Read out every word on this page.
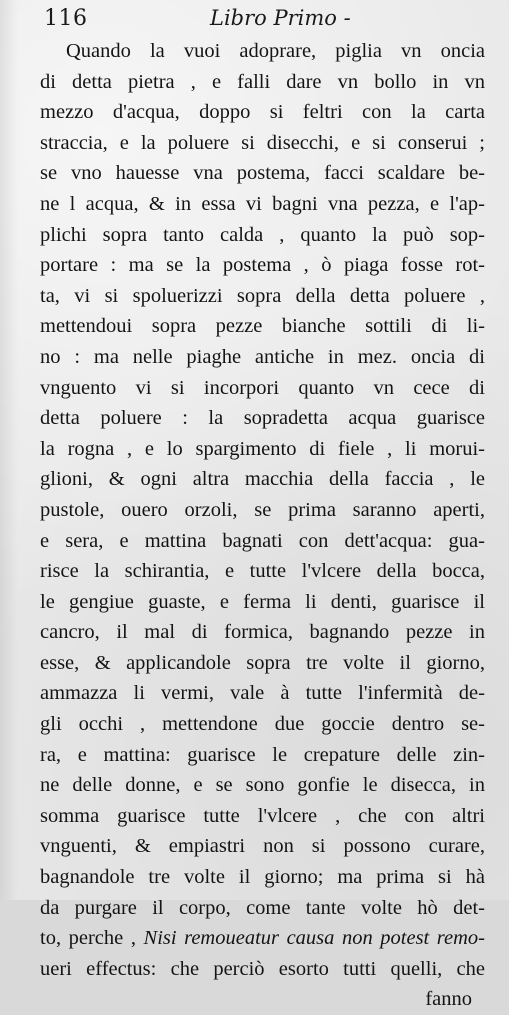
116	Libro Primo -
Quando la vuoi adoprare, piglia vn oncia
di detta pietra , e falli dare vn bollo in vn
mezzo d'acqua, doppo si feltri con la carta
straccia, e la poluere si disecchi, e si conserui ;
se vno hauesse vna postema, facci scaldare be-
ne l acqua, & in essa vi bagni vna pezza, e l'ap-
plichi sopra tanto calda , quanto la può sop-
portare : ma se la postema , ò piaga fosse rot-
ta, vi si spoluerizzi sopra della detta poluere ,
mettendoui sopra pezze bianche sottili di li-
no : ma nelle piaghe antiche in mez. oncia di
vnguento vi si incorpori quanto vn cece di
detta poluere : la sopradetta acqua guarisce
la rogna , e lo spargimento di fiele , li morui-
glioni, & ogni altra macchia della faccia , le
pustole, ouero orzoli, se prima saranno aperti,
e sera, e mattina bagnati con dett'acqua: gua-
risce la schirantia, e tutte l'vlcere della bocca,
le gengiue guaste, e ferma li denti, guarisce il
cancro, il mal di formica, bagnando pezze in
esse, & applicandole sopra tre volte il giorno,
ammazza li vermi, vale à tutte l'infermità de-
gli occhi , mettendone due goccie dentro se-
ra, e mattina: guarisce le crepature delle zin-
ne delle donne, e se sono gonfie le disecca, in
somma guarisce tutte l'vlcere , che con altri
vnguenti, & empiastri non si possono curare,
bagnandole tre volte il giorno; ma prima si hà
da purgare il corpo, come tante volte hò det-
to, perche , Nisi remoueatur causa non potest remo-
ueri effectus: che perciò esorto tutti quelli, che
fanno
